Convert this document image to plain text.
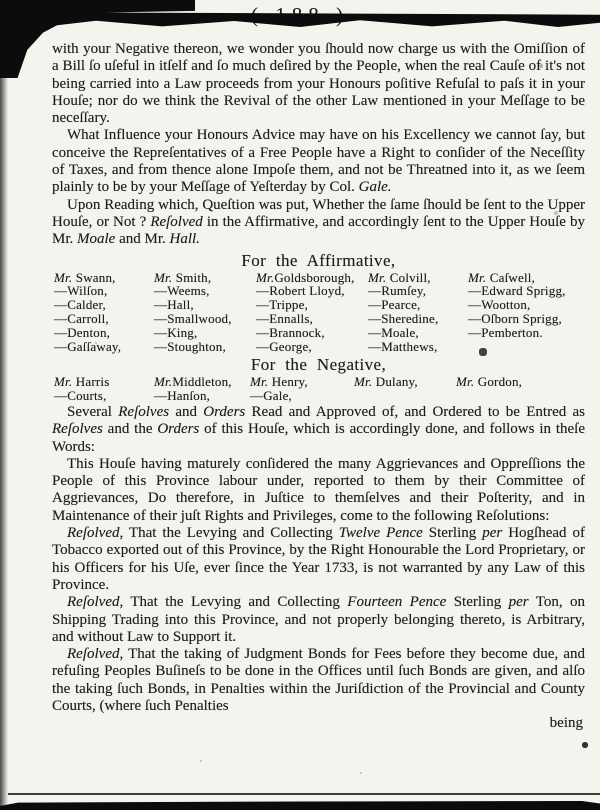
with your Negative thereon, we wonder you ſhould now charge us with the Omiſſion of a Bill ſo uſeful in itſelf and ſo much deſired by the People, when the real Cauſe of it's not being carried into a Law proceeds from your Honours poſitive Refuſal to paſs it in your Houſe; nor do we think the Revival of the other Law mentioned in your Meſſage to be neceſſary.

What Influence your Honours Advice may have on his Excellency we cannot ſay, but conceive the Repreſentatives of a Free People have a Right to conſider of the Neceſſity of Taxes, and from thence alone Impoſe them, and not be Threatned into it, as we ſeem plainly to be by your Meſſage of Yeſterday by Col. Gale.

Upon Reading which, Queſtion was put, Whether the ſame ſhould be ſent to the Upper Houſe, or Not ? Reſolved in the Affirmative, and accordingly ſent to the Upper Houſe by Mr. Moale and Mr. Hall.

For the Affirmative,
Mr. Swann,
—Wilſon,
—Calder,
—Carroll,
—Denton,
—Gaſſaway,
Mr. Smith,
—Weems,
—Hall,
—Smallwood,
—King,
—Stoughton,
Mr.Goldsborough,
—Robert Lloyd,
—Trippe,
—Ennalls,
—Brannock,
—George,
Mr. Colvill,
—Rumſey,
—Pearce,
—Sheredine,
—Moale,
—Matthews,
Mr. Caſwell,
—Edward Sprigg,
—Wootton,
—Oſborn Sprigg,
—Pemberton.
For the Negative,
Mr. Harris
—Courts,
Mr.Middleton,
—Hanſon,
Mr. Henry,
—Gale,
Mr. Dulany,	Mr. Gordon,

Several Reſolves and Orders Read and Approved of, and Ordered to be Entred as Reſolves and the Orders of this Houſe, which is accordingly done, and follows in theſe Words:

This Houſe having maturely conſidered the many Aggrievances and Oppreſſions the People of this Province labour under, reported to them by their Committee of Aggrievances, Do therefore, in Juſtice to themſelves and their Poſterity, and in Maintenance of their juſt Rights and Privileges, come to the following Reſolutions:

Reſolved, That the Levying and Collecting Twelve Pence Sterling per Hogſhead of Tobacco exported out of this Province, by the Right Honourable the Lord Proprietary, or his Officers for his Uſe, ever ſince the Year 1733, is not warranted by any Law of this Province.

Reſolved, That the Levying and Collecting Fourteen Pence Sterling per Ton, on Shipping Trading into this Province, and not properly belonging thereto, is Arbitrary, and without Law to Support it.

Reſolved, That the taking of Judgment Bonds for Fees before they become due, and refuſing Peoples Buſineſs to be done in the Offices until ſuch Bonds are given, and alſo the taking ſuch Bonds, in Penalties within the Juriſdiction of the Provincial and County Courts, (where ſuch Penalties

being
